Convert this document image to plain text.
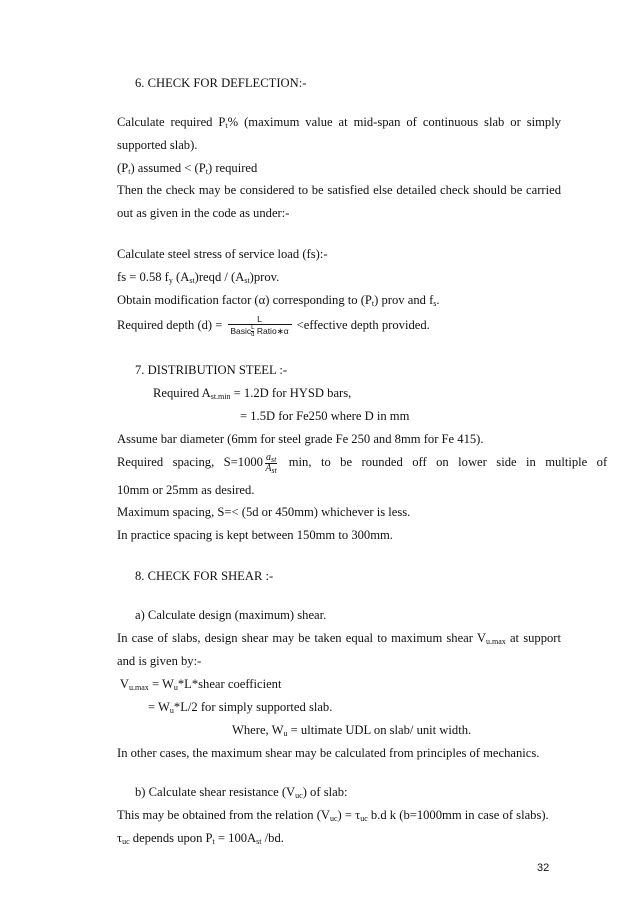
6. CHECK FOR DEFLECTION:-
Calculate required $P_t\%$ (maximum value at mid-span of continuous slab or simply
supported slab).
$(P_t)$ assumed < $(P_t)$ required
Then the check may be considered to be satisfied else detailed check should be carried
out as given in the code as under:-
Calculate steel stress of service load (fs):-
fs = 0.58 $f_y$ $(A_{st})reqd$ / $(A_{st})prov$.
Obtain modification factor (α) corresponding to $(P_t)$ prov and $f_s$.
Required depth $(d) = \frac{L}{Basic \frac{L}{d} Ratio∗\alpha}$ <effective depth provided.
7. DISTRIBUTION STEEL :-
Required $A_{st.min} = 1.2D$ for HYSD bars,
= 1.5D for Fe250 where D in mm
Assume bar diameter (6mm for steel grade Fe 250 and 8mm for Fe 415).
Required   spacing,   $S=1000 \frac{a_{st}}{A_{st}} \min$,   to   be   rounded   off   on   lower   side   in   multiple   of
10mm or 25mm as desired.
Maximum spacing, S=< (5d or 450mm) whichever is less.
In practice spacing is kept between 150mm to 300mm.
8. CHECK FOR SHEAR :-
a) Calculate design (maximum) shear.
In case of slabs, design shear may be taken equal to maximum shear $V_{u.max}$ at support
and is given by:-
$V_{u.max}$ = $W_u*L*shear$ coefficient
= $W_u*L/2$ for simply supported slab.
Where, $W_u$ = ultimate UDL on slab/ unit width.
In other cases, the maximum shear may be calculated from principles of mechanics.
b) Calculate shear resistance $(V_{uc})$ of slab:
This may be obtained from the relation $(V_{uc}) = \tau_{uc}$ b.d k (b=1000mm in case of slabs).
$\tau_{uc}$ depends upon $P_t = 100A_{st}$ /bd.
32
